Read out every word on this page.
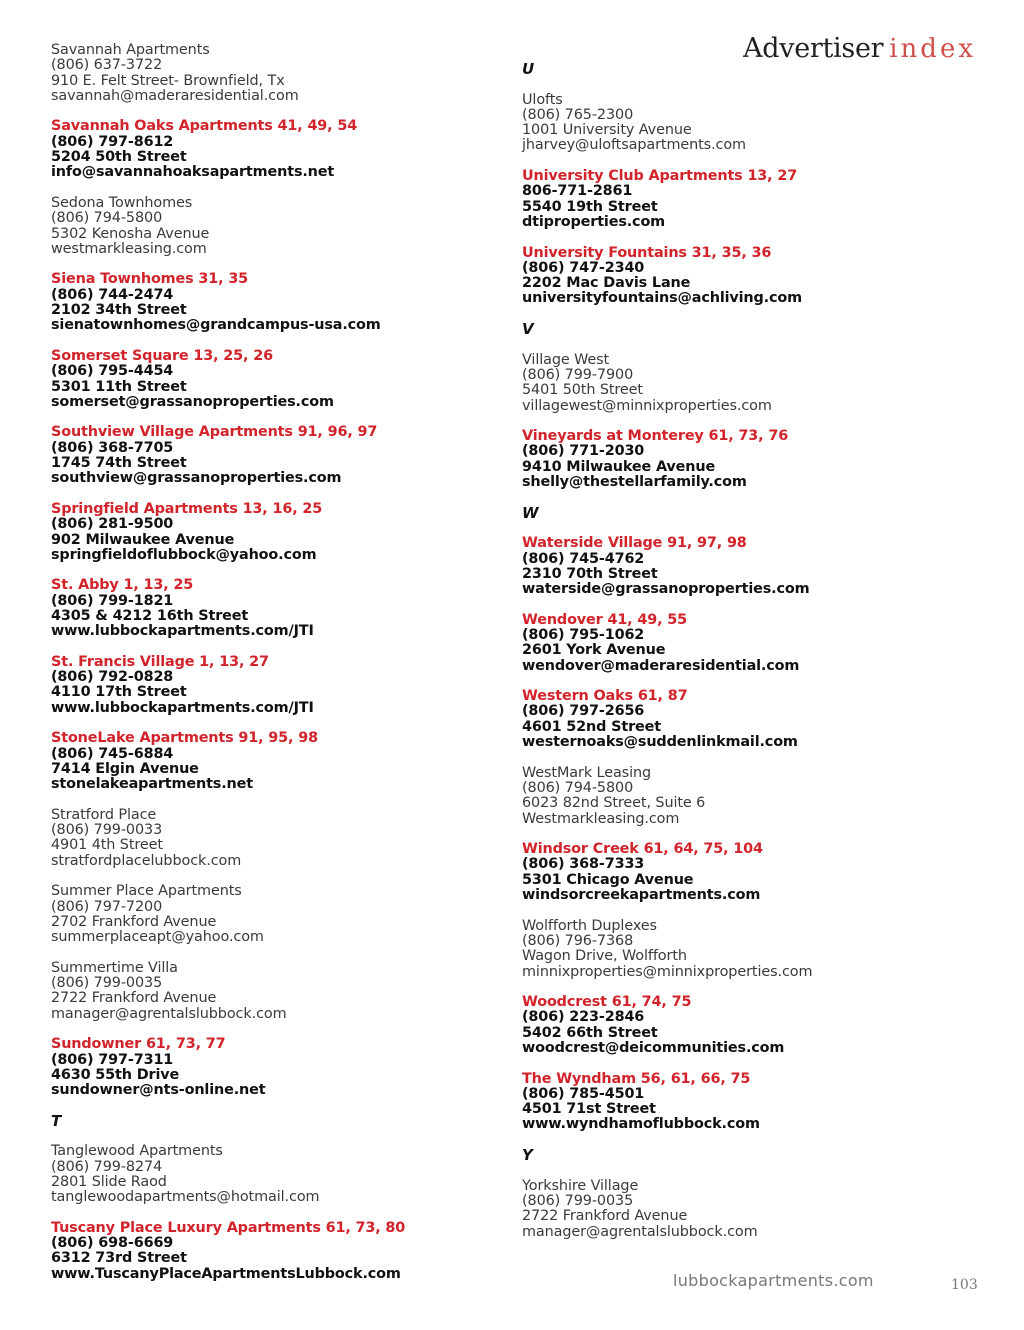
Advertiser index
Savannah Apartments
(806) 637-3722
910 E. Felt Street- Brownfield, Tx
savannah@maderaresidential.com
Savannah Oaks Apartments 41, 49, 54
(806) 797-8612
5204 50th Street
info@savannahoaksapartments.net
Sedona Townhomes
(806) 794-5800
5302 Kenosha Avenue
westmarkleasing.com
Siena Townhomes 31, 35
(806) 744-2474
2102 34th Street
sienatownhomes@grandcampus-usa.com
Somerset Square 13, 25, 26
(806) 795-4454
5301 11th Street
somerset@grassanoproperties.com
Southview Village Apartments 91, 96, 97
(806) 368-7705
1745 74th Street
southview@grassanoproperties.com
Springfield Apartments 13, 16, 25
(806) 281-9500
902 Milwaukee Avenue
springfieldoflubbock@yahoo.com
St. Abby 1, 13, 25
(806) 799-1821
4305 & 4212 16th Street
www.lubbockapartments.com/JTI
St. Francis Village 1, 13, 27
(806) 792-0828
4110 17th Street
www.lubbockapartments.com/JTI
StoneLake Apartments 91, 95, 98
(806) 745-6884
7414 Elgin Avenue
stonelakeapartments.net
Stratford Place
(806) 799-0033
4901 4th Street
stratfordplacelubbock.com
Summer Place Apartments
(806) 797-7200
2702 Frankford Avenue
summerplaceapt@yahoo.com
Summertime Villa
(806) 799-0035
2722 Frankford Avenue
manager@agrentalslubbock.com
Sundowner 61, 73, 77
(806) 797-7311
4630 55th Drive
sundowner@nts-online.net
T
Tanglewood Apartments
(806) 799-8274
2801 Slide Raod
tanglewoodapartments@hotmail.com
Tuscany Place Luxury Apartments 61, 73, 80
(806) 698-6669
6312 73rd Street
www.TuscanyPlaceApartmentsLubbock.com
U
Ulofts
(806) 765-2300
1001 University Avenue
jharvey@uloftsapartments.com
University Club Apartments 13, 27
806-771-2861
5540 19th Street
dtiproperties.com
University Fountains 31, 35, 36
(806) 747-2340
2202 Mac Davis Lane
universityfountains@achliving.com
V
Village West
(806) 799-7900
5401 50th Street
villagewest@minnixproperties.com
Vineyards at Monterey 61, 73, 76
(806) 771-2030
9410 Milwaukee Avenue
shelly@thestellarfamily.com
W
Waterside Village 91, 97, 98
(806) 745-4762
2310 70th Street
waterside@grassanoproperties.com
Wendover 41, 49, 55
(806) 795-1062
2601 York Avenue
wendover@maderaresidential.com
Western Oaks 61, 87
(806) 797-2656
4601 52nd Street
westernoaks@suddenlinkmail.com
WestMark Leasing
(806) 794-5800
6023 82nd Street, Suite 6
Westmarkleasing.com
Windsor Creek 61, 64, 75, 104
(806) 368-7333
5301 Chicago Avenue
windsorcreekapartments.com
Wolfforth Duplexes
(806) 796-7368
Wagon Drive, Wolfforth
minnixproperties@minnixproperties.com
Woodcrest 61, 74, 75
(806) 223-2846
5402 66th Street
woodcrest@deicommunities.com
The Wyndham 56, 61, 66, 75
(806) 785-4501
4501 71st Street
www.wyndhamoflubbock.com
Y
Yorkshire Village
(806) 799-0035
2722 Frankford Avenue
manager@agrentalslubbock.com
lubbockapartments.com	103
